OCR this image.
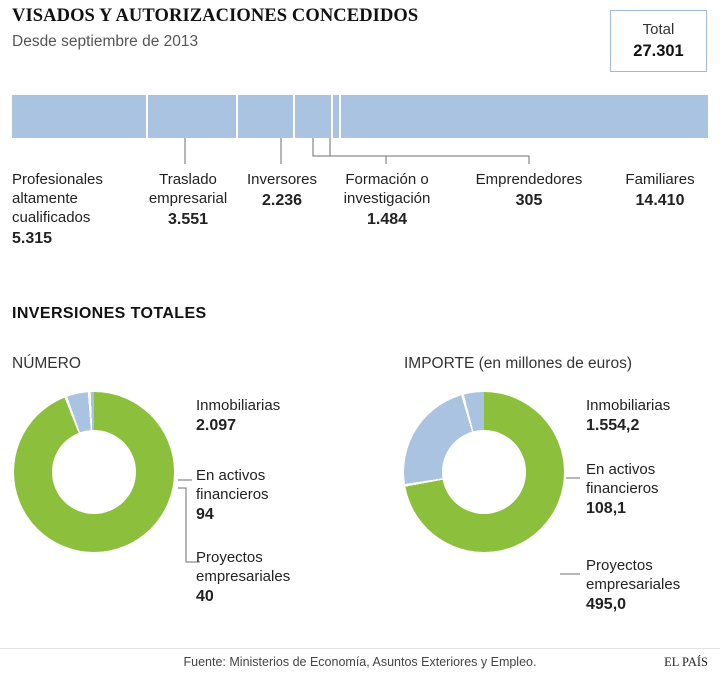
VISADOS Y AUTORIZACIONES CONCEDIDOS
Desde septiembre de 2013
Total
27.301
Profesionales
altamente
cualificados
5.315
Traslado
empresarial
3.551
Inversores
2.236
Formación o
investigación
1.484
Emprendedores
305
Familiares
14.410
INVERSIONES TOTALES
NÚMERO	IMPORTE (en millones de euros)
Inmobiliarias
2.097
En activos
financieros
94
Proyectos
empresariales
40
Inmobiliarias
1.554,2
En activos
financieros
108,1
Proyectos
empresariales
495,0
Fuente: Ministerios de Economía, Asuntos Exteriores y Empleo.	EL PAÍS
